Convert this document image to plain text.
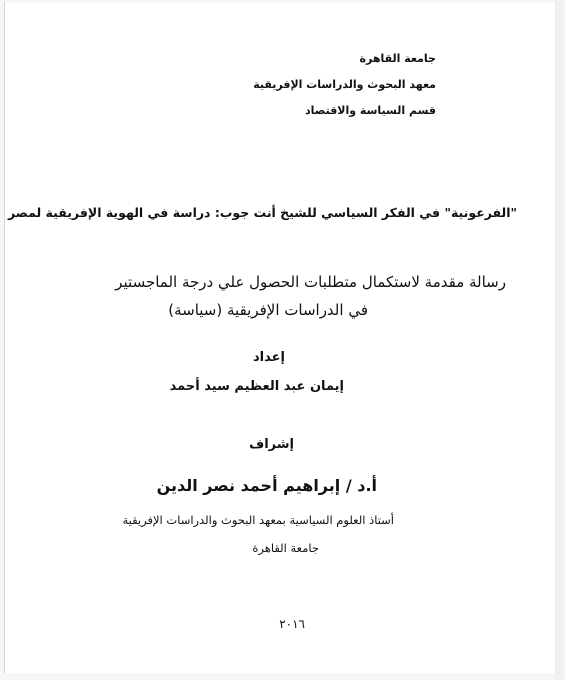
جامعة القاهرة
معهد البحوث والدراسات الإفريقية
قسم السياسة والاقتصاد
"الفرعونية" في الفكر السياسي للشيخ أنت جوب: دراسة في الهوية الإفريقية لمصر
رسالة مقدمة لاستكمال متطلبات الحصول علي درجة الماجستير
في الدراسات الإفريقية (سياسة)
إعداد
إيمان عبد العظيم سيد أحمد
إشراف
أ.د / إبراهيم أحمد نصر الدين
أستاذ العلوم السياسية بمعهد البحوث والدراسات الإفريقية
جامعة القاهرة
٢٠١٦
